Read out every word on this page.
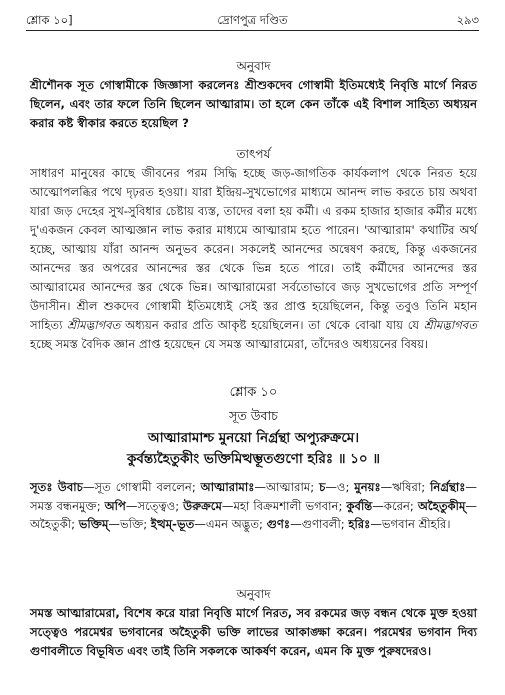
শ্লোক ১০]	দ্রোণপুত্র দণ্ডিত	২৯৩
অনুবাদ
শ্রীশৌনক সূত গোস্বামীকে জিজ্ঞাসা করলেনঃ শ্রীশুকদেব গোস্বামী ইতিমধ্যেই নিবৃত্তি মার্গে নিরত ছিলেন, এবং তার ফলে তিনি ছিলেন আত্মারাম। তা হলে কেন তাঁকে এই বিশাল সাহিত্য অধ্যয়ন করার কষ্ট স্বীকার করতে হয়েছিল ?
তাৎপর্য
সাধারণ মানুষের কাছে জীবনের পরম সিদ্ধি হচ্ছে জড়-জাগতিক কার্যকলাপ থেকে নিরত হয়ে আত্মোপলব্ধির পথে দৃঢ়রত হওয়া। যারা ইন্দ্রিয়-সুখভোগের মাধ্যমে আনন্দ লাভ করতে চায় অথবা যারা জড় দেহের সুখ-সুবিধার চেষ্টায় ব্যস্ত, তাদের বলা হয় কর্মী। এ রকম হাজার হাজার কর্মীর মধ্যে দু'একজন কেবল আত্মজ্ঞান লাভ করার মাধ্যমে আত্মারাম হতে পারেন। 'আত্মারাম' কথাটির অর্থ হচ্ছে, আত্মায় যাঁরা আনন্দ অনুভব করেন। সকলেই আনন্দের অন্বেষণ করছে, কিন্তু একজনের আনন্দের স্তর অপরের আনন্দের স্তর থেকে ভিন্ন হতে পারে। তাই কর্মীদের আনন্দের স্তর আত্মারামের আনন্দের স্তর থেকে ভিন্ন। আত্মারামেরা সর্বতোভাবে জড় সুখভোগের প্রতি সম্পূর্ণ উদাসীন। শ্রীল শুকদেব গোস্বামী ইতিমধ্যেই সেই স্তর প্রাপ্ত হয়েছিলেন, কিন্তু তবুও তিনি মহান সাহিত্য শ্রীমদ্ভাগবত অধ্যয়ন করার প্রতি আকৃষ্ট হয়েছিলেন। তা থেকে বোঝা যায় যে শ্রীমদ্ভাগবত হচ্ছে সমস্ত বৈদিক জ্ঞান প্রাপ্ত হয়েছেন যে সমস্ত আত্মারামেরা, তাঁদেরও অধ্যয়নের বিষয়।
শ্লোক ১০
সূত উবাচ
আত্মারামাশ্চ মুনয়ো নির্গ্রন্থা অপ্যুরুক্রমে।
কুর্বন্ত্যহৈতুকীং ভক্তিমিত্থম্ভূতগুণো হরিঃ ॥ ১০ ॥
সূতঃ উবাচ—সূত গোস্বামী বললেন; আত্মারামাঃ—আত্মারাম; চ—ও; মুনয়ঃ—ঋষিরা; নির্গ্রন্থাঃ—সমস্ত বন্ধনমুক্ত; অপি—সত্ত্বেও; উরুক্রমে—মহা বিক্রমশালী ভগবান; কুর্বন্তি—করেন; অহৈতুকীম্—অহৈতুকী; ভক্তিম্—ভক্তি; ইত্থম্-ভূত—এমন অদ্ভুত; গুণঃ—গুণাবলী; হরিঃ—ভগবান শ্রীহরি।
অনুবাদ
সমস্ত আত্মারামেরা, বিশেষ করে যারা নিবৃত্তি মার্গে নিরত, সব রকমের জড় বন্ধন থেকে মুক্ত হওয়া সত্ত্বেও পরমেশ্বর ভগবানের অহৈতুকী ভক্তি লাভের আকাঙ্ক্ষা করেন। পরমেশ্বর ভগবান দিব্য গুণাবলীতে বিভূষিত এবং তাই তিনি সকলকে আকর্ষণ করেন, এমন কি মুক্ত পুরুষদেরও।
